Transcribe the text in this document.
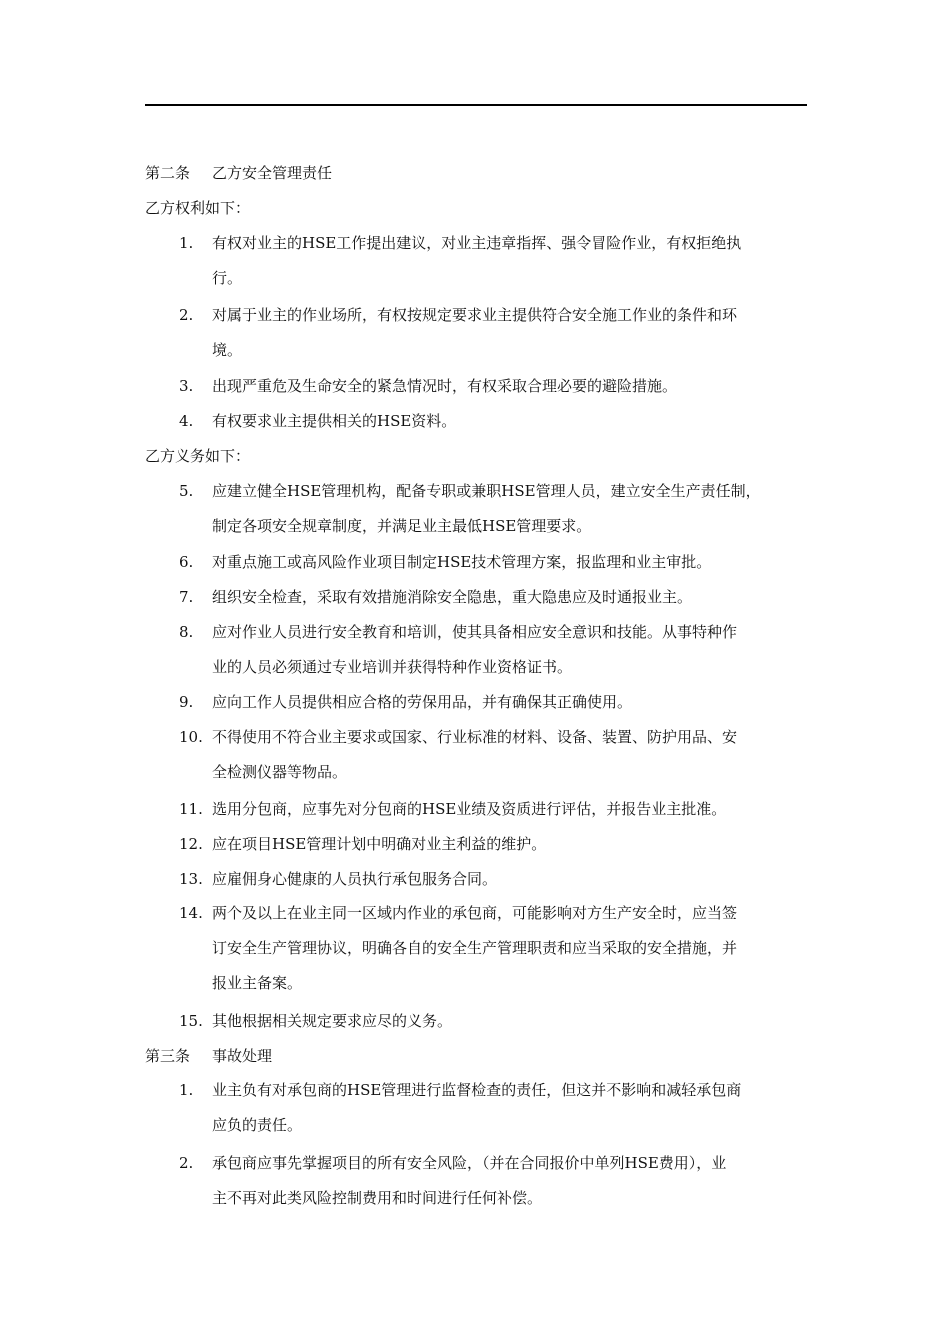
第二条 乙方安全管理责任
乙方权利如下：
1. 有权对业主的HSE工作提出建议，对业主违章指挥、强令冒险作业，有权拒绝执
行。
2. 对属于业主的作业场所，有权按规定要求业主提供符合安全施工作业的条件和环
境。
3. 出现严重危及生命安全的紧急情况时，有权采取合理必要的避险措施。
4. 有权要求业主提供相关的HSE资料。
乙方义务如下：
5. 应建立健全HSE管理机构，配备专职或兼职HSE管理人员，建立安全生产责任制，
制定各项安全规章制度，并满足业主最低HSE管理要求。
6. 对重点施工或高风险作业项目制定HSE技术管理方案，报监理和业主审批。
7. 组织安全检查，采取有效措施消除安全隐患，重大隐患应及时通报业主。
8. 应对作业人员进行安全教育和培训，使其具备相应安全意识和技能。从事特种作
业的人员必须通过专业培训并获得特种作业资格证书。
9. 应向工作人员提供相应合格的劳保用品，并有确保其正确使用。
10. 不得使用不符合业主要求或国家、行业标准的材料、设备、装置、防护用品、安
全检测仪器等物品。
11. 选用分包商，应事先对分包商的HSE业绩及资质进行评估，并报告业主批准。
12. 应在项目HSE管理计划中明确对业主利益的维护。
13. 应雇佣身心健康的人员执行承包服务合同。
14. 两个及以上在业主同一区域内作业的承包商，可能影响对方生产安全时，应当签
订安全生产管理协议，明确各自的安全生产管理职责和应当采取的安全措施，并
报业主备案。
15. 其他根据相关规定要求应尽的义务。
第三条 事故处理
1. 业主负有对承包商的HSE管理进行监督检查的责任，但这并不影响和减轻承包商
应负的责任。
2. 承包商应事先掌握项目的所有安全风险，（并在合同报价中单列HSE费用），业
主不再对此类风险控制费用和时间进行任何补偿。
